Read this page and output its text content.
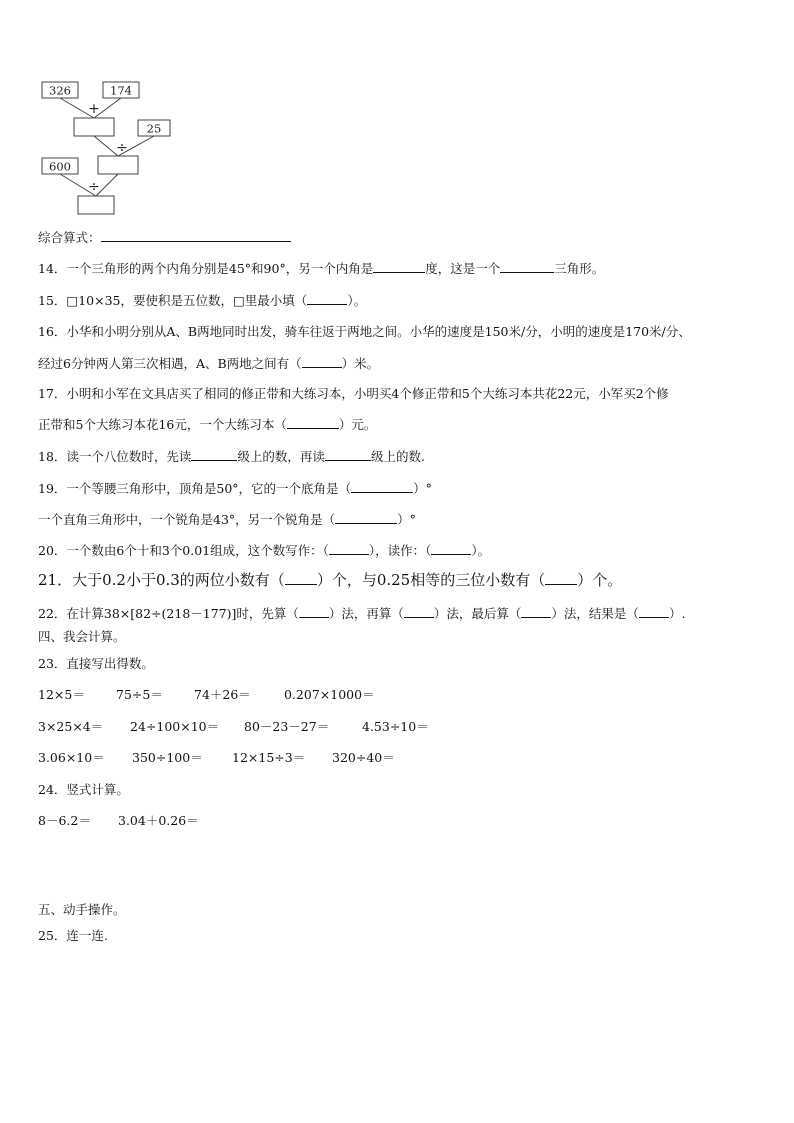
326	174
25
600
+
÷
÷
综合算式：
14．一个三角形的两个内角分别是45°和90°，另一个内角是	度，这是一个	三角形。
15．□10×35，要使积是五位数，□里最小填（	）。
16．小华和小明分别从A、B两地同时出发，骑车往返于两地之间。小华的速度是150米/分，小明的速度是170米/分、
经过6分钟两人第三次相遇，A、B两地之间有（	）米。
17．小明和小军在文具店买了相同的修正带和大练习本，小明买4个修正带和5个大练习本共花22元，小军买2个修
正带和5个大练习本花16元，一个大练习本（	）元。
18．读一个八位数时，先读	级上的数，再读	级上的数.
19．一个等腰三角形中，顶角是50°，它的一个底角是（	）°
一个直角三角形中，一个锐角是43°，另一个锐角是（	）°
20．一个数由6个十和3个0.01组成，这个数写作：（	），读作：（	）。
21．大于0.2小于0.3的两位小数有（ ）个，与0.25相等的三位小数有（ ）个。
22．在计算38×[82÷(218－177)]时，先算（ ）法，再算（ ）法，最后算（ ）法，结果是（ ）.
四、我会计算。
23．直接写出得数。
12×5＝ 75÷5＝ 74＋26＝	0.207×1000＝
3×25×4＝ 24÷100×10＝ 80－23－27＝	4.53÷10＝
3.06×10＝ 350÷100＝ 12×15÷3＝ 320÷40＝
24．竖式计算。
8－6.2＝ 3.04＋0.26＝
五、动手操作。
25．连一连.
